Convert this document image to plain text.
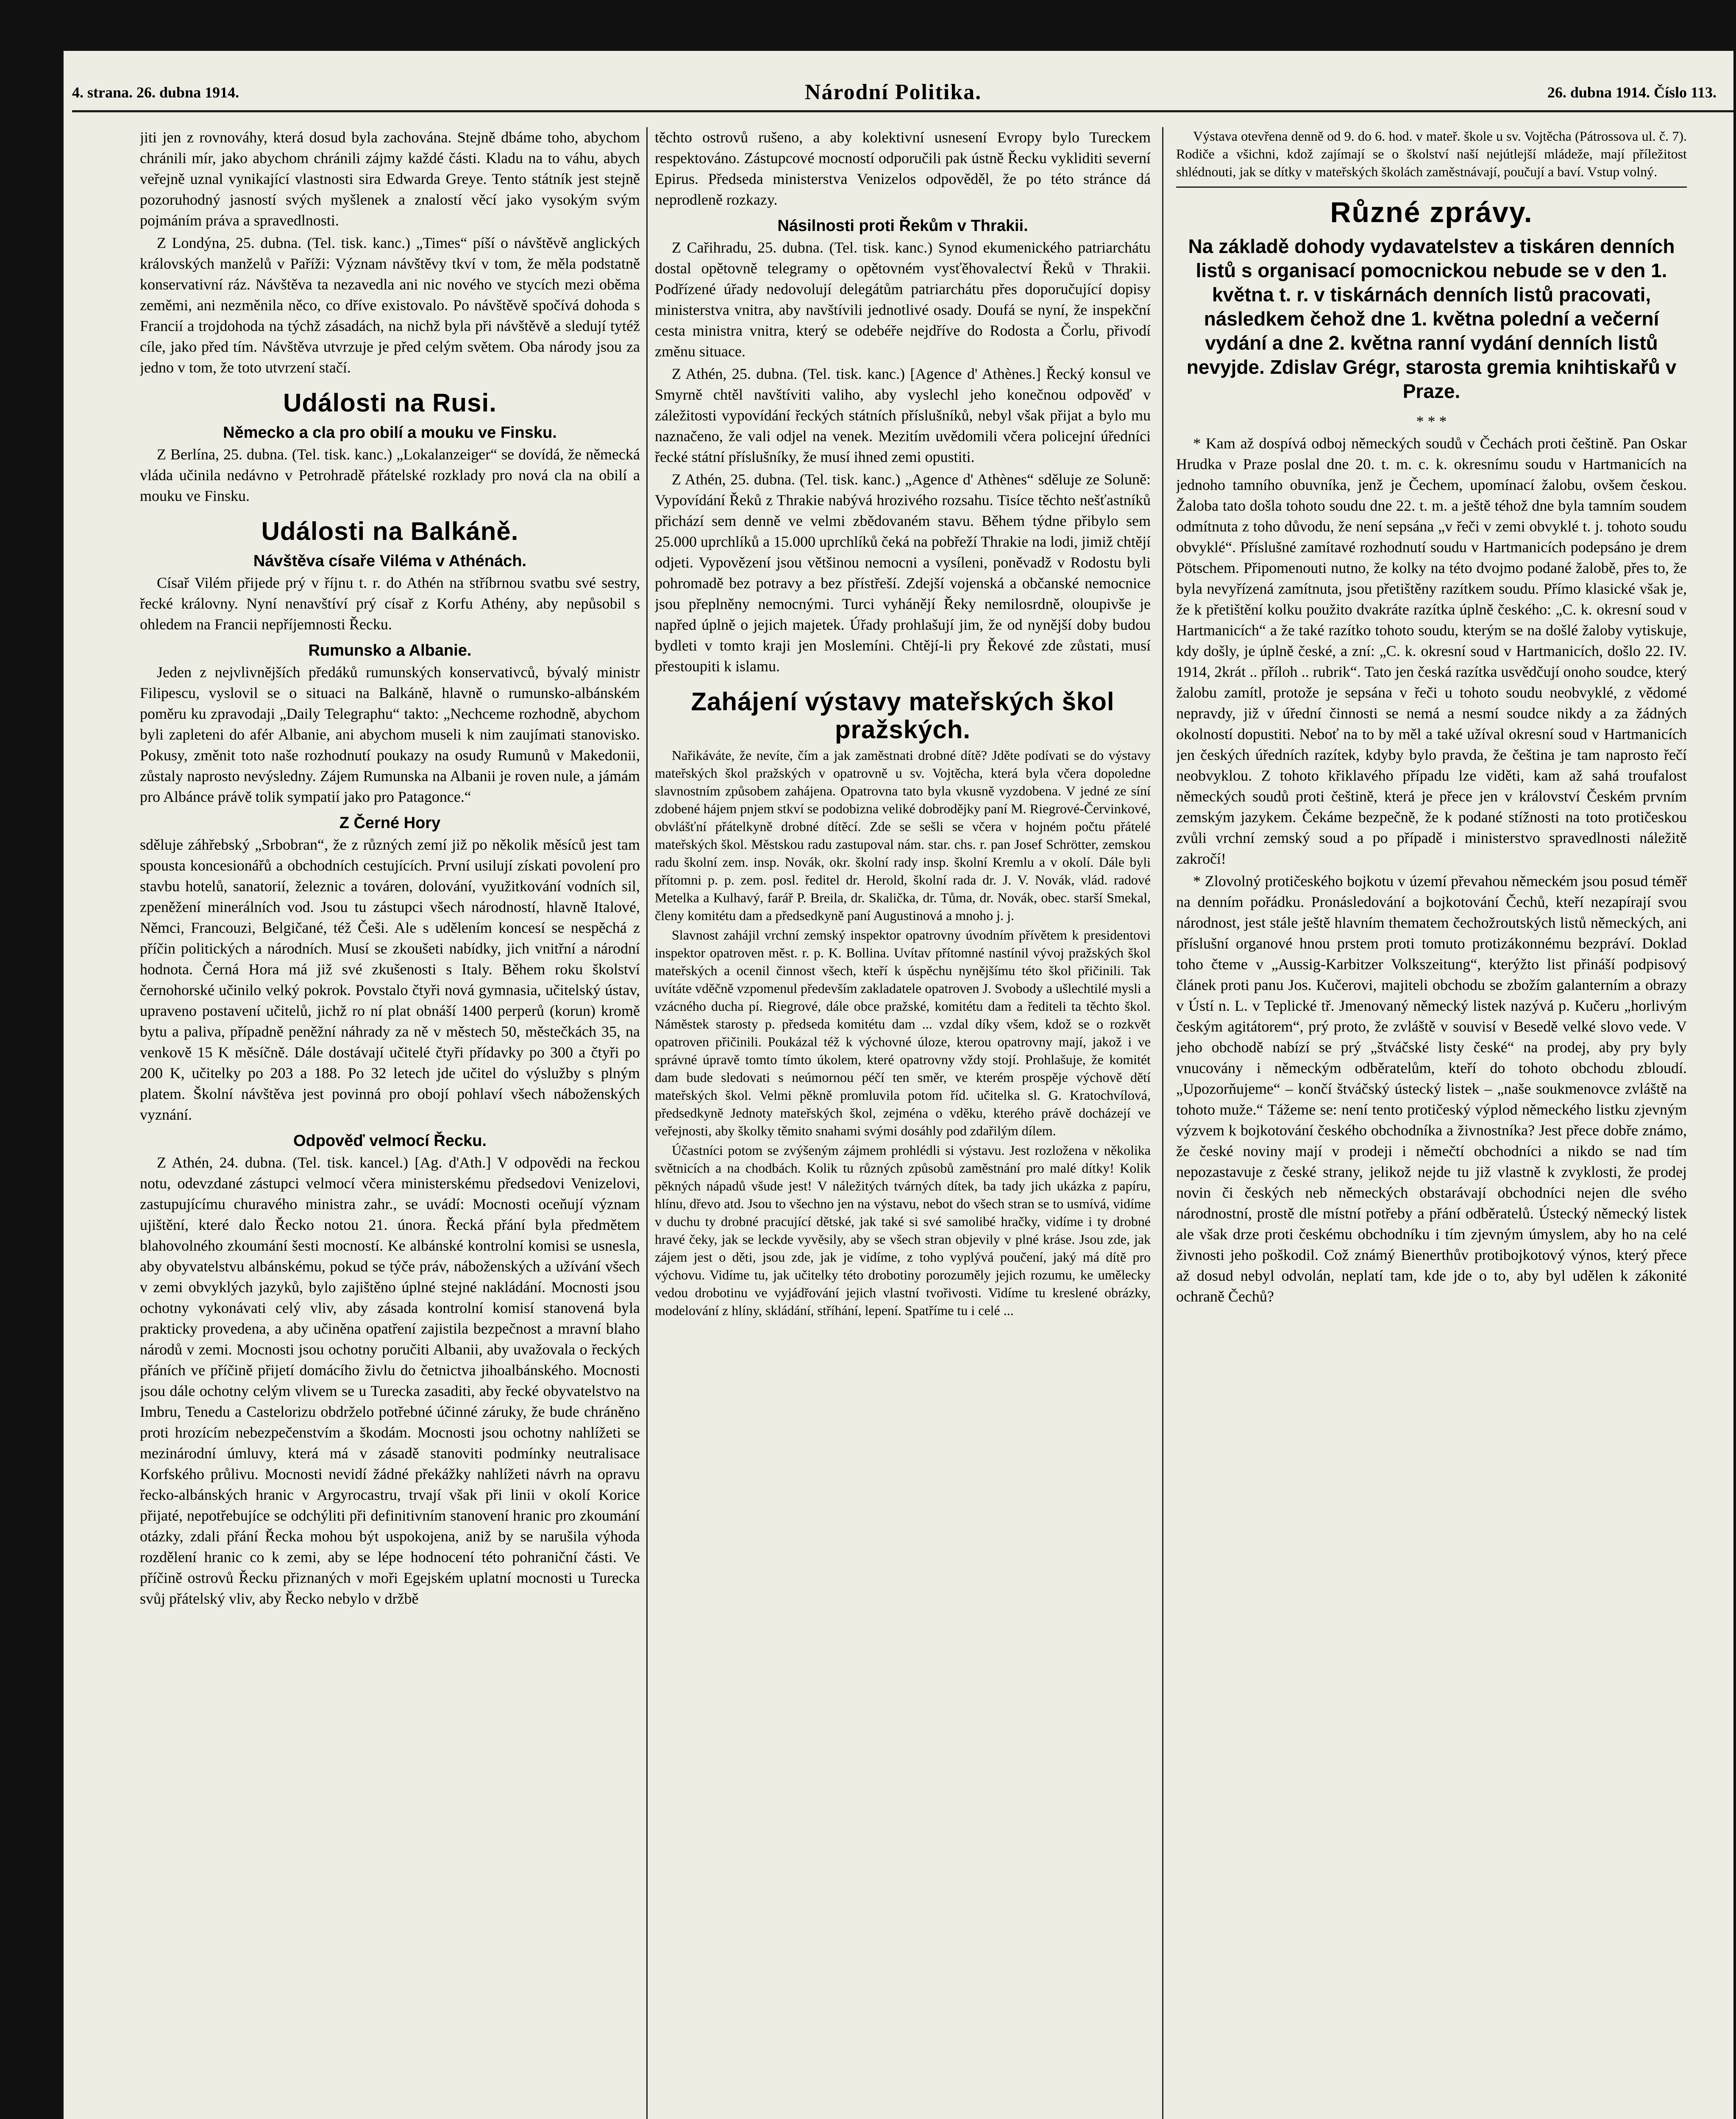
4. strana. 26. dubna 1914.	Národní Politika.	26. dubna 1914. Číslo 113.

jiti jen z rovnováhy, která dosud byla zachována. Stejně dbáme toho, abychom chránili mír, jako abychom chránili zájmy každé části. Kladu na to váhu, abych veřejně uznal vynikající vlastnosti sira Edwarda Greye. Tento státník jest stejně pozoruhodný jasností svých myšlenek a znalostí věcí jako vysokým svým pojmáním práva a spravedlnosti.

Z Londýna, 25. dubna. (Tel. tisk. kanc.) „Times“ píší o návštěvě anglických královských manželů v Paříži: Význam návštěvy tkví v tom, že měla podstatně konservativní ráz. Návštěva ta nezavedla ani nic nového ve stycích mezi oběma zeměmi, ani nezměnila něco, co dříve existovalo. Po návštěvě spočívá dohoda s Francií a trojdohoda na týchž zásadách, na nichž byla při návštěvě a sledují tytéž cíle, jako před tím. Návštěva utvrzuje je před celým světem. Oba národy jsou za jedno v tom, že toto utvrzení stačí.

Události na Rusi.
Německo a cla pro obilí a mouku ve Finsku.

Z Berlína, 25. dubna. (Tel. tisk. kanc.) „Lokalanzeiger“ se dovídá, že německá vláda učinila nedávno v Petrohradě přátelské rozklady pro nová cla na obilí a mouku ve Finsku.

Události na Balkáně.
Návštěva císaře Viléma v Athénách.

Císař Vilém přijede prý v říjnu t. r. do Athén na stříbrnou svatbu své sestry, řecké královny. Nyní nenavštíví prý císař z Korfu Athény, aby nepůsobil s ohledem na Francii nepříjemnosti Řecku.

Rumunsko a Albanie.

Jeden z nejvlivnějších předáků rumunských konservativců, bývalý ministr Filipescu, vyslovil se o situaci na Balkáně, hlavně o rumunsko-albánském poměru ku zpravodaji „Daily Telegraphu“ takto: „Nechceme rozhodně, abychom byli zapleteni do afér Albanie, ani abychom museli k nim zaujímati stanovisko. Pokusy, změnit toto naše rozhodnutí poukazy na osudy Rumunů v Makedonii, zůstaly naprosto nevýsledny. Zájem Rumunska na Albanii je roven nule, a jámám pro Albánce právě tolik sympatií jako pro Patagonce.“

Z Černé Hory

sděluje záhřebský „Srbobran“, že z různých zemí již po několik měsíců jest tam spousta koncesionářů a obchodních cestujících. První usilují získati povolení pro stavbu hotelů, sanatorií, železnic a továren, dolování, využitkování vodních sil, zpeněžení minerálních vod. Jsou tu zástupci všech národností, hlavně Italové, Němci, Francouzi, Belgičané, též Češi. Ale s udělením koncesí se nespěchá z příčin politických a národních. Musí se zkoušeti nabídky, jich vnitřní a národní hodnota. Černá Hora má již své zkušenosti s Italy. Během roku školství černohorské učinilo velký pokrok. Povstalo čtyři nová gymnasia, učitelský ústav, upraveno postavení učitelů, jichž ro ní plat obnáší 1400 perperů (korun) kromě bytu a paliva, případně peněžní náhrady za ně v městech 50, městečkách 35, na venkově 15 K měsíčně. Dále dostávají učitelé čtyři přídavky po 300 a čtyři po 200 K, učitelky po 203 a 188. Po 32 letech jde učitel do výslužby s plným platem. Školní návštěva jest povinná pro obojí pohlaví všech náboženských vyznání.

Odpověď velmocí Řecku.

Z Athén, 24. dubna. (Tel. tisk. kancel.) [Ag. d'Ath.] V odpovědi na řeckou notu, odevzdané zástupci velmocí včera ministerskému předsedovi Venizelovi, zastupujícímu churavého ministra zahr., se uvádí: Mocnosti oceňují význam ujištění, které dalo Řecko notou 21. února. Řecká přání byla předmětem blahovolného zkoumání šesti mocností. Ke albánské kontrolní komisi se usnesla, aby obyvatelstvu albánskému, pokud se týče práv, náboženských a užívání všech v zemi obvyklých jazyků, bylo zajištěno úplné stejné nakládání. Mocnosti jsou ochotny vykonávati celý vliv, aby zásada kontrolní komisí stanovená byla prakticky provedena, a aby učiněna opatření zajistila bezpečnost a mravní blaho národů v zemi. Mocnosti jsou ochotny poručiti Albanii, aby uvažovala o řeckých přáních ve příčině přijetí domácího živlu do četnictva jihoalbánského. Mocnosti jsou dále ochotny celým vlivem se u Turecka zasaditi, aby řecké obyvatelstvo na Imbru, Tenedu a Castelorizu obdrželo potřebné účinné záruky, že bude chráněno proti hrozícím nebezpečenstvím a škodám. Mocnosti jsou ochotny nahlížeti se mezinárodní úmluvy, která má v zásadě stanoviti podmínky neutralisace Korfského průlivu. Mocnosti nevidí žádné překážky nahlížeti návrh na opravu řecko-albánských hranic v Argyrocastru, trvají však při linii v okolí Korice přijaté, nepotřebujíce se odchýliti při definitivním stanovení hranic pro zkoumání otázky, zdali přání Řecka mohou být uspokojena, aniž by se narušila výhoda rozdělení hranic co k zemi, aby se lépe hodnocení této pohraniční části. Ve příčině ostrovů Řecku přiznaných v moři Egejském uplatní mocnosti u Turecka svůj přátelský vliv, aby Řecko nebylo v držbě

těchto ostrovů rušeno, a aby kolektivní usnesení Evropy bylo Tureckem respektováno. Zástupcové mocností odporučili pak ústně Řecku vykliditi severní Epirus. Předseda ministerstva Venizelos odpověděl, že po této stránce dá neprodleně rozkazy.

Násilnosti proti Řekům v Thrakii.

Z Cařihradu, 25. dubna. (Tel. tisk. kanc.) Synod ekumenického patriarchátu dostal opětovně telegramy o opětovném vysťěhovalectví Řeků v Thrakii. Podřízené úřady nedovolují delegátům patriarchátu přes doporučující dopisy ministerstva vnitra, aby navštívili jednotlivé osady. Doufá se nyní, že inspekční cesta ministra vnitra, který se odebéře nejdříve do Rodosta a Čorlu, přivodí změnu situace.

Z Athén, 25. dubna. (Tel. tisk. kanc.) [Agence d' Athènes.] Řecký konsul ve Smyrně chtěl navštíviti valiho, aby vyslechl jeho konečnou odpověď v záležitosti vypovídání řeckých státních příslušníků, nebyl však přijat a bylo mu naznačeno, že vali odjel na venek. Mezitím uvědomili včera policejní úředníci řecké státní příslušníky, že musí ihned zemi opustiti.

Z Athén, 25. dubna. (Tel. tisk. kanc.) „Agence d' Athènes“ sděluje ze Soluně: Vypovídání Řeků z Thrakie nabývá hrozivého rozsahu. Tisíce těchto nešťastníků přichází sem denně ve velmi zbědovaném stavu. Během týdne přibylo sem 25.000 uprchlíků a 15.000 uprchlíků čeká na pobřeží Thrakie na lodi, jimiž chtějí odjeti. Vypovězení jsou většinou nemocni a vysíleni, poněvadž v Rodostu byli pohromadě bez potravy a bez přístřeší. Zdejší vojenská a občanské nemocnice jsou přeplněny nemocnými. Turci vyhánějí Řeky nemilosrdně, oloupivše je napřed úplně o jejich majetek. Úřady prohlašují jim, že od nynější doby budou bydleti v tomto kraji jen Moslemíni. Chtějí-li pry Řekové zde zůstati, musí přestoupiti k islamu.

Zahájení výstavy mateřských škol pražských.

Nařikáváte, že nevíte, čím a jak zaměstnati drobné dítě? Jděte podívati se do výstavy mateřských škol pražských v opatrovně u sv. Vojtěcha, která byla včera dopoledne slavnostním způsobem zahájena. Opatrovna tato byla vkusně vyzdobena. V jedné ze síní zdobené hájem pnjem stkví se podobizna veliké dobrodějky paní M. Riegrové-Červinkové, obvlášťní přátelkyně drobné dítěcí. Zde se sešli se včera v hojném počtu přátelé mateřských škol. Městskou radu zastupoval nám. star. chs. r. pan Josef Schrötter, zemskou radu školní zem. insp. Novák, okr. školní rady insp. školní Kremlu a v okolí. Dále byli přítomni p. p. zem. posl. ředitel dr. Herold, školní rada dr. J. V. Novák, vlád. radové Metelka a Kulhavý, farář P. Breila, dr. Skalička, dr. Tůma, dr. Novák, obec. starší Smekal, členy komitétu dam a předsedkyně paní Augustinová a mnoho j. j.

Slavnost zahájil vrchní zemský inspektor opatrovny úvodním přívětem k presidentovi inspektor opatroven měst. r. p. K. Bollina. Uvítav přítomné nastínil vývoj pražských škol mateřských a ocenil činnost všech, kteří k úspěchu nynějšímu této škol přičinili. Tak uvítáte vděčně vzpomenul především zakladatele opatroven J. Svobody a ušlechtilé mysli a vzácného ducha pí. Riegrové, dále obce pražské, komitétu dam a řediteli ta těchto škol. Náměstek starosty p. předseda komitétu dam ... vzdal díky všem, kdož se o rozkvět opatroven přičinili. Poukázal též k výchovné úloze, kterou opatrovny mají, jakož i ve správné úpravě tomto tímto úkolem, které opatrovny vždy stojí. Prohlašuje, že komitét dam bude sledovati s neúmornou péčí ten směr, ve kterém prospěje výchově dětí mateřských škol. Velmi pěkně promluvila potom říd. učitelka sl. G. Kratochvílová, předsedkyně Jednoty mateřských škol, zejména o vděku, kterého právě docházejí ve veřejnosti, aby školky těmito snahami svými dosáhly pod zdařilým dílem.

Účastníci potom se zvýšeným zájmem prohlédli si výstavu. Jest rozložena v několika světnicích a na chodbách. Kolik tu různých způsobů zaměstnání pro malé dítky! Kolik pěkných nápadů všude jest! V náležitých tvárných dítek, ba tady jich ukázka z papíru, hlínu, dřevo atd. Jsou to všechno jen na výstavu, nebot do všech stran se to usmívá, vidíme v duchu ty drobné pracující dětské, jak také si své samolibé hračky, vidíme i ty drobné hravé čeky, jak se leckde vyvěsily, aby se všech stran objevily v plné kráse. Jsou zde, jak zájem jest o děti, jsou zde, jak je vidíme, z toho vyplývá poučení, jaký má dítě pro výchovu. Vidíme tu, jak učitelky této drobotiny porozuměly jejich rozumu, ke umělecky vedou drobotinu ve vyjádřování jejich vlastní tvořivosti. Vidíme tu kreslené obrázky, modelování z hlíny, skládání, stříhání, lepení. Spatříme tu i celé ...

Výstava otevřena denně od 9. do 6. hod. v mateř. škole u sv. Vojtěcha (Pátrossova ul. č. 7). Rodiče a všichni, kdož zajímají se o školství naší nejútlejší mládeže, mají příležitost shlédnouti, jak se dítky v mateřských školách zaměstnávají, poučují a baví. Vstup volný.

Různé zprávy.
Na základě dohody vydavatelstev a tiskáren denních listů s organisací pomocnickou nebude se v den 1. května t. r. v tiskárnách denních listů pracovati, následkem čehož dne 1. května polední a večerní vydání a dne 2. května ranní vydání denních listů nevyjde. Zdislav Grégr, starosta gremia knihtiskařů v Praze.
* * *

* Kam až dospívá odboj německých soudů v Čechách proti češtině. Pan Oskar Hrudka v Praze poslal dne 20. t. m. c. k. okresnímu soudu v Hartmanicích na jednoho tamního obuvníka, jenž je Čechem, upomínací žalobu, ovšem českou. Žaloba tato došla tohoto soudu dne 22. t. m. a ještě téhož dne byla tamním soudem odmítnuta z toho důvodu, že není sepsána „v řeči v zemi obvyklé t. j. tohoto soudu obvyklé“. Příslušné zamítavé rozhodnutí soudu v Hartmanicích podepsáno je drem Pötschem. Připomenouti nutno, že kolky na této dvojmo podané žalobě, přes to, že byla nevyřízená zamítnuta, jsou přetištěny razítkem soudu. Přímo klasické však je, že k přetištění kolku použito dvakráte razítka úplně českého: „C. k. okresní soud v Hartmanicích“ a že také razítko tohoto soudu, kterým se na došlé žaloby vytiskuje, kdy došly, je úplně české, a zní: „C. k. okresní soud v Hartmanicích, došlo 22. IV. 1914, 2krát .. příloh .. rubrik“. Tato jen česká razítka usvědčují onoho soudce, který žalobu zamítl, protože je sepsána v řeči u tohoto soudu neobvyklé, z vědomé nepravdy, již v úřední činnosti se nemá a nesmí soudce nikdy a za žádných okolností dopustiti. Neboť na to by měl a také užíval okresní soud v Hartmanicích jen českých úředních razítek, kdyby bylo pravda, že čeština je tam naprosto řečí neobvyklou. Z tohoto křiklavého případu lze viděti, kam až sahá troufalost německých soudů proti češtině, která je přece jen v království Českém prvním zemským jazykem. Čekáme bezpečně, že k podané stížnosti na toto protičeskou zvůli vrchní zemský soud a po případě i ministerstvo spravedlnosti náležitě zakročí!

* Zlovolný protičeského bojkotu v území převahou německém jsou posud téměř na denním pořádku. Pronásledování a bojkotování Čechů, kteří nezapírají svou národnost, jest stále ještě hlavním thematem čechožroutských listů německých, ani příslušní organové hnou prstem proti tomuto protizákonnému bezpráví. Doklad toho čteme v „Aussig-Karbitzer Volkszeitung“, kterýžto list přináší podpisový článek proti panu Jos. Kučerovi, majiteli obchodu se zbožím galanterním a obrazy v Ústí n. L. v Teplické tř. Jmenovaný německý listek nazývá p. Kučeru „horlivým českým agitátorem“, prý proto, že zvláště v souvisí v Besedě velké slovo vede. V jeho obchodě nabízí se prý „štváčské listy české“ na prodej, aby pry byly vnucovány i německým odběratelům, kteří do tohoto obchodu zbloudí. „Upozorňujeme“ – končí štváčský ústecký listek – „naše soukmenovce zvláště na tohoto muže.“ Tážeme se: není tento protičeský výplod německého listku zjevným výzvem k bojkotování českého obchodníka a živnostníka? Jest přece dobře známo, že české noviny mají v prodeji i němečtí obchodníci a nikdo se nad tím nepozastavuje z české strany, jelikož nejde tu již vlastně k zvyklosti, že prodej novin či českých neb německých obstarávají obchodníci nejen dle svého národnostní, prostě dle místní potřeby a přání odběratelů. Ústecký německý listek ale však drze proti českému obchodníku i tím zjevným úmyslem, aby ho na celé živnosti jeho poškodil. Což známý Bienerthův protibojkotový výnos, který přece až dosud nebyl odvolán, neplatí tam, kde jde o to, aby byl udělen k zákonité ochraně Čechů?
